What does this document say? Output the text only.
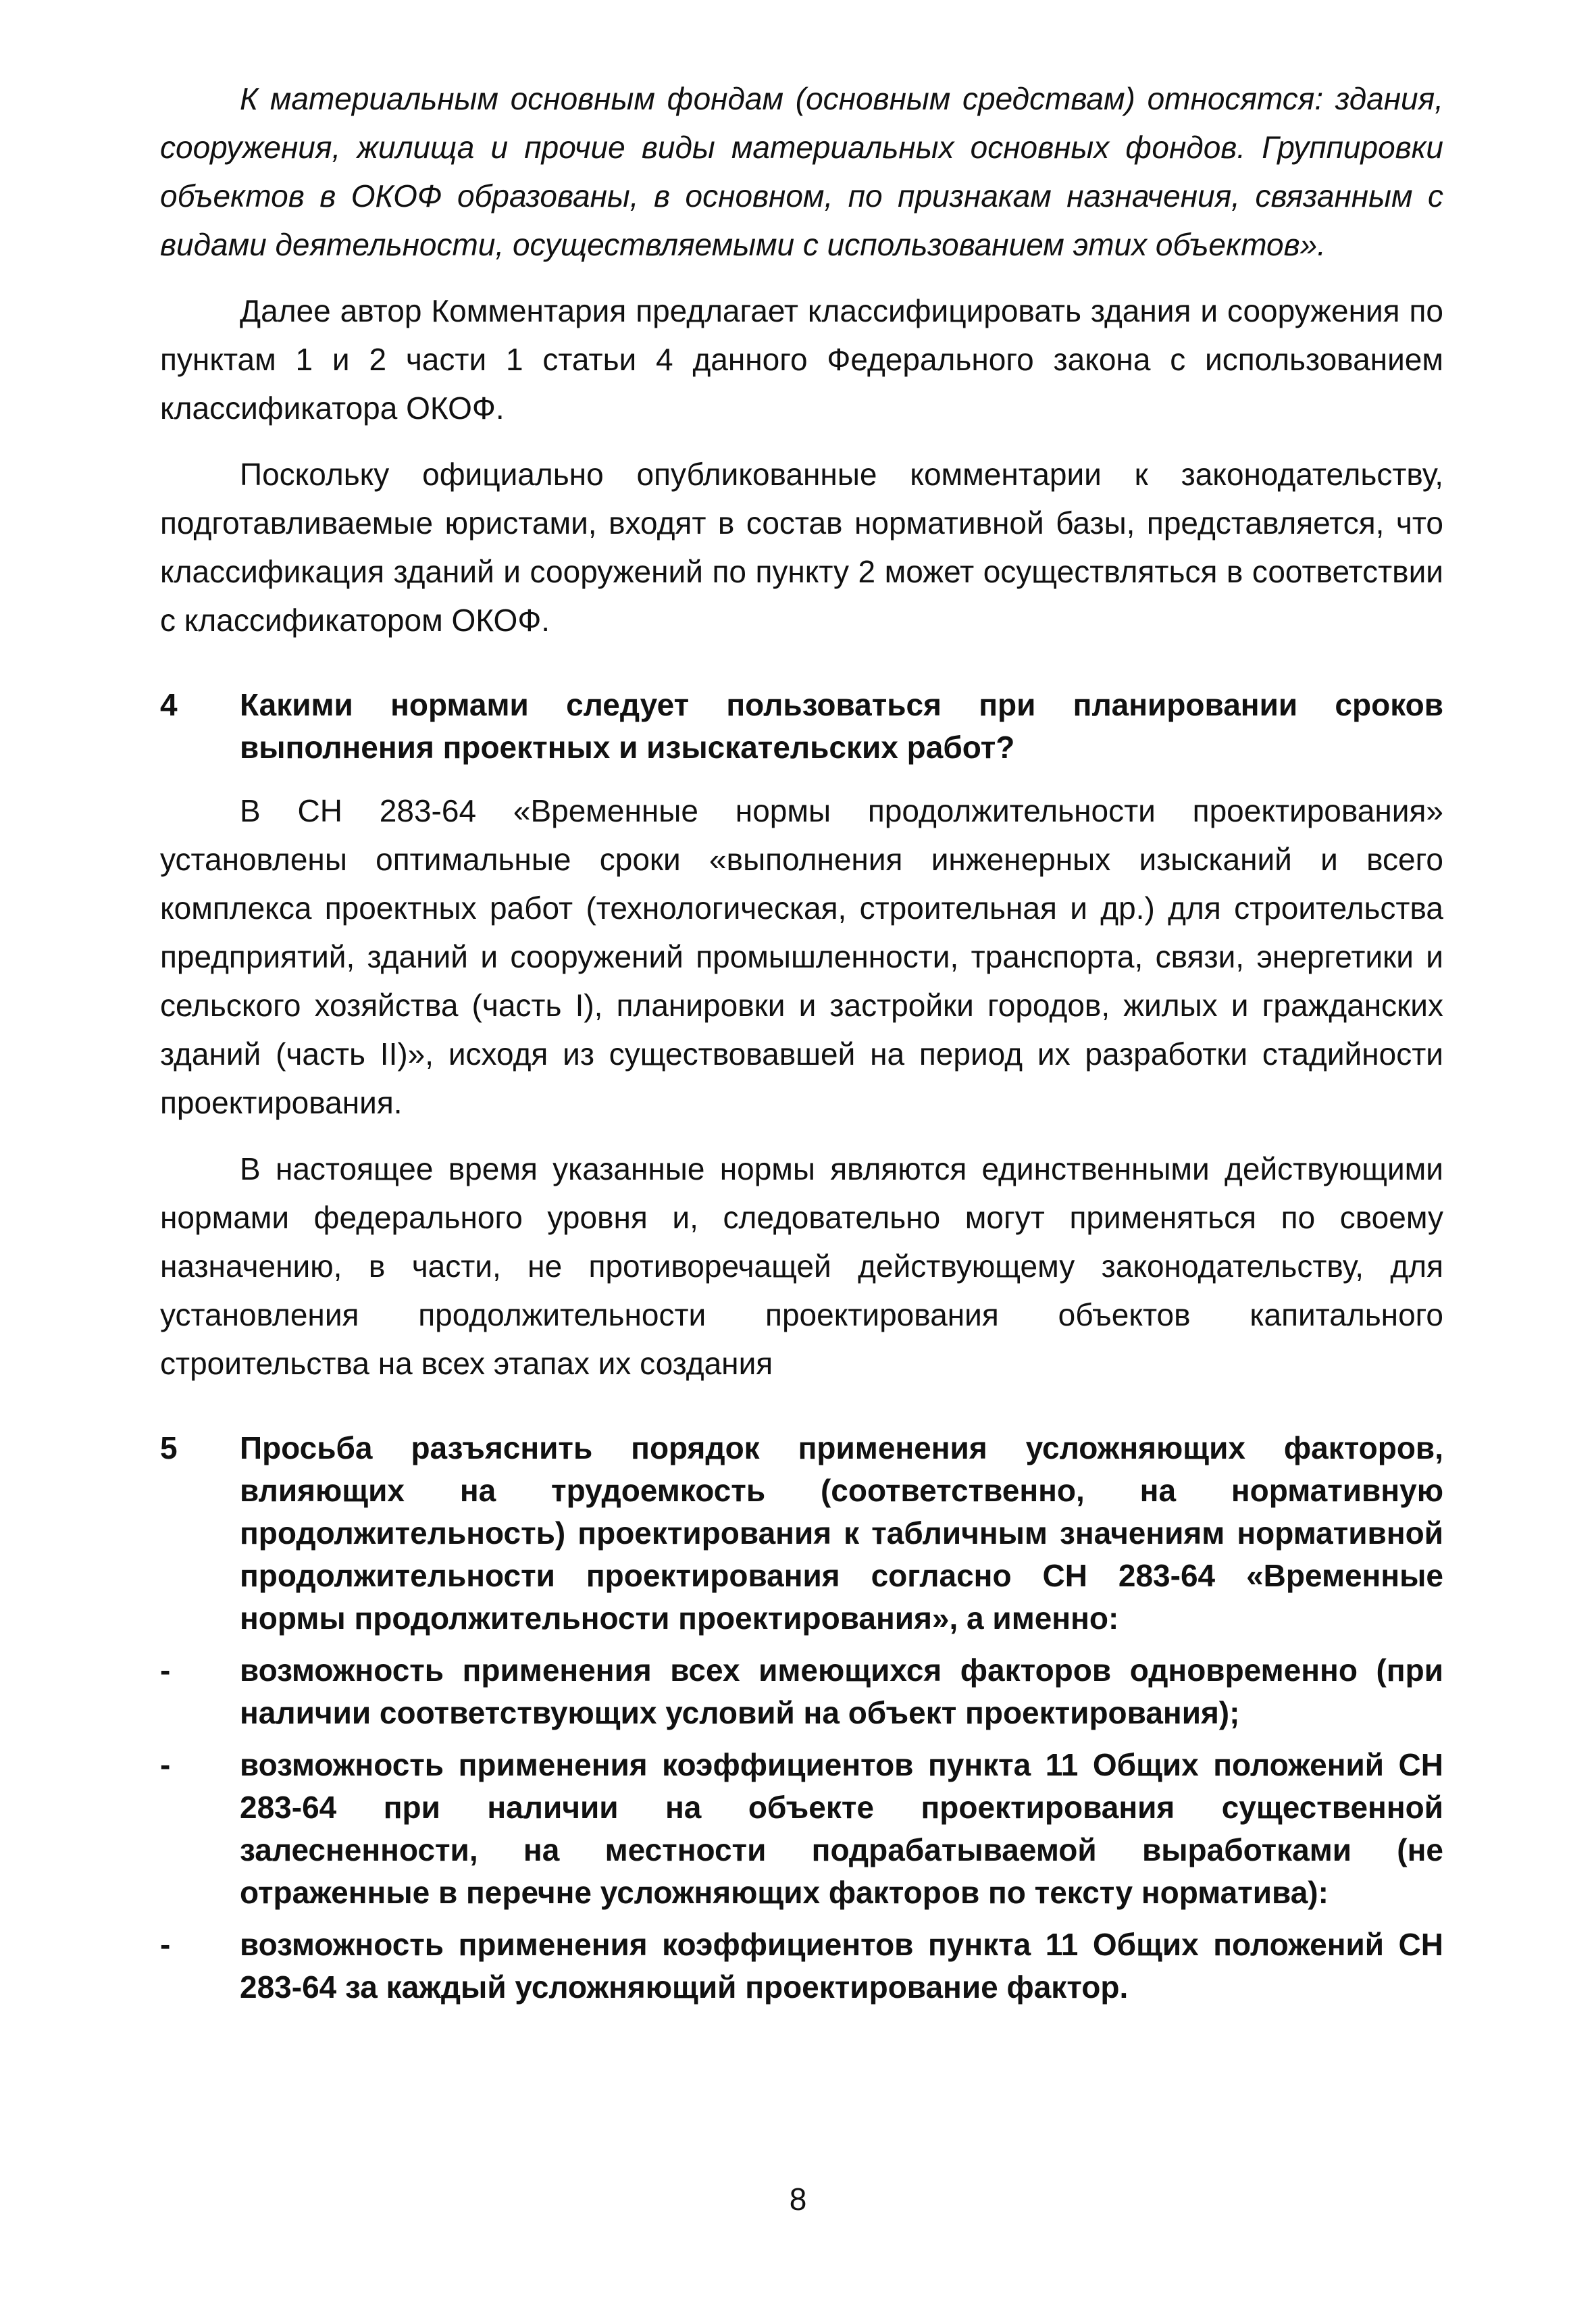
К материальным основным фондам (основным средствам) относятся: здания, сооружения, жилища и прочие виды материальных основных фондов. Группировки объектов в ОКОФ образованы, в основном, по признакам назначения, связанным с видами деятельности, осуществляемыми с использованием этих объектов».

Далее автор Комментария предлагает классифицировать здания и сооружения по пунктам 1 и 2 части 1 статьи 4 данного Федерального закона с использованием классификатора ОКОФ.

Поскольку официально опубликованные комментарии к законодательству, подготавливаемые юристами, входят в состав нормативной базы, представляется, что классификация зданий и сооружений по пункту 2 может осуществляться в соответствии с классификатором ОКОФ.

4	Какими нормами следует пользоваться при планировании сроков выполнения проектных и изыскательских работ?

В СН 283-64 «Временные нормы продолжительности проектирования» установлены оптимальные сроки «выполнения инженерных изысканий и всего комплекса проектных работ (технологическая, строительная и др.) для строительства предприятий, зданий и сооружений промышленности, транспорта, связи, энергетики и сельского хозяйства (часть I), планировки и застройки городов, жилых и гражданских зданий (часть II)», исходя из существовавшей на период их разработки стадийности проектирования.

В настоящее время указанные нормы являются единственными действующими нормами федерального уровня и, следовательно могут применяться по своему назначению, в части, не противоречащей действующему законодательству, для установления продолжительности проектирования объектов капитального строительства на всех этапах их создания

5	Просьба разъяснить порядок применения усложняющих факторов, влияющих на трудоемкость (соответственно, на нормативную продолжительность) проектирования к табличным значениям нормативной продолжительности проектирования согласно СН 283-64 «Временные нормы продолжительности проектирования», а именно:
-	возможность применения всех имеющихся факторов одновременно (при наличии соответствующих условий на объект проектирования);
-	возможность применения коэффициентов пункта 11 Общих положений СН 283-64 при наличии на объекте проектирования существенной залесненности, на местности подрабатываемой выработками (не отраженные в перечне усложняющих факторов по тексту норматива):
-	возможность применения коэффициентов пункта 11 Общих положений СН 283-64 за каждый усложняющий проектирование фактор.
8
